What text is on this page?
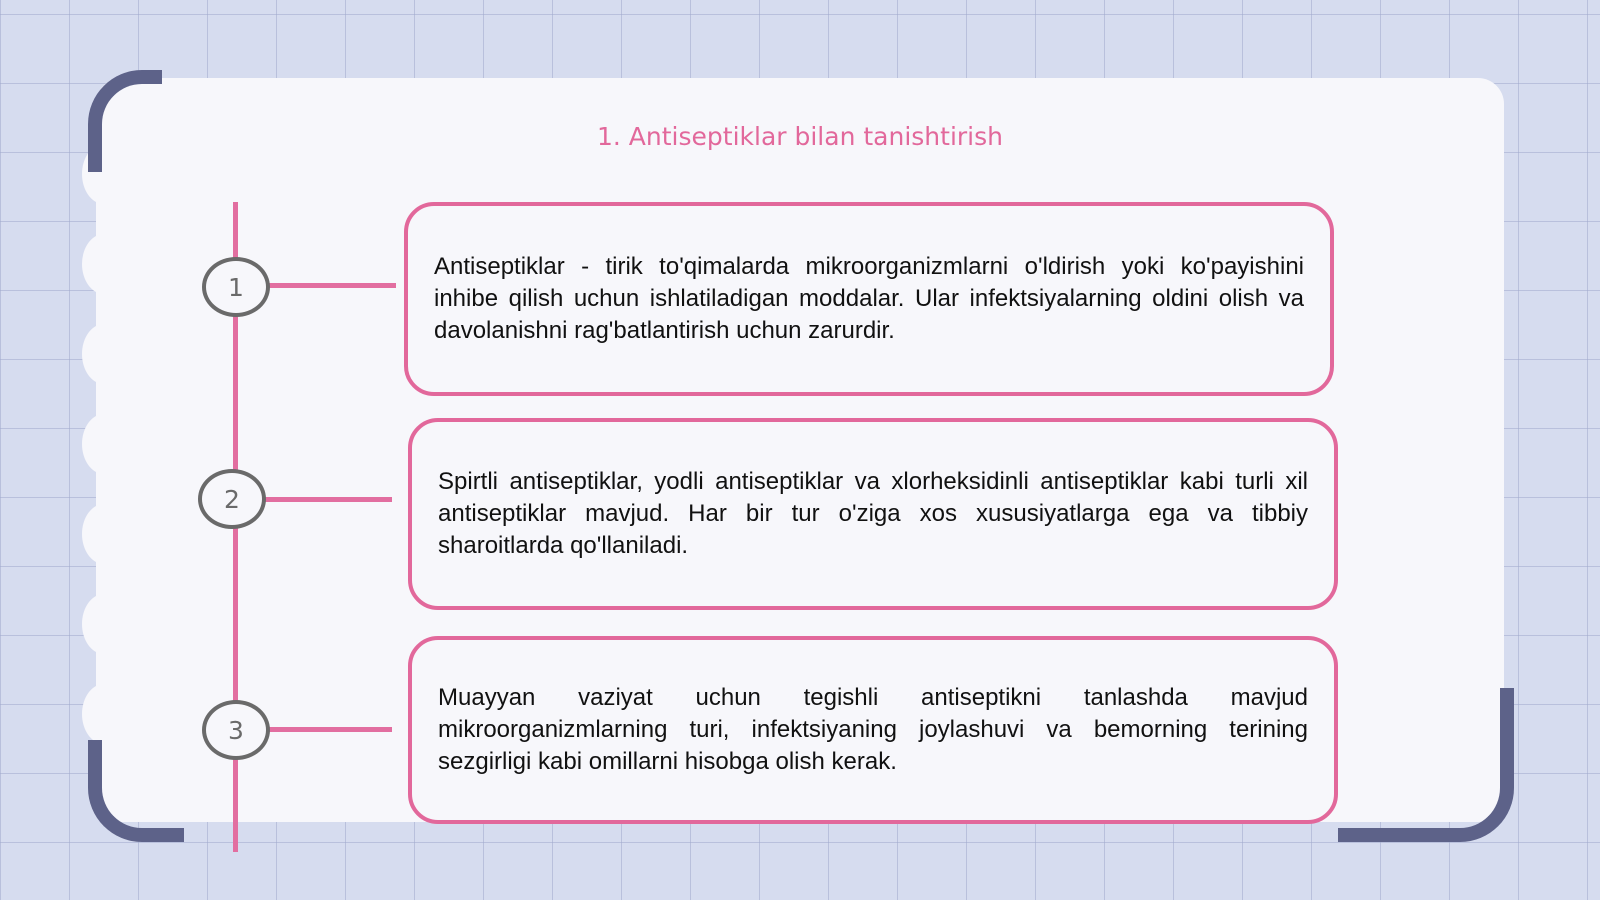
1. Antiseptiklar bilan tanishtirish
1
2
3

Antiseptiklar - tirik to'qimalarda mikroorganizmlarni o'ldirish yoki ko'payishini inhibe qilish uchun ishlatiladigan moddalar. Ular infektsiyalarning oldini olish va davolanishni rag'batlantirish uchun zarurdir.

Spirtli antiseptiklar, yodli antiseptiklar va xlorheksidinli antiseptiklar kabi turli xil antiseptiklar mavjud. Har bir tur o'ziga xos xususiyatlarga ega va tibbiy sharoitlarda qo'llaniladi.

Muayyan vaziyat uchun tegishli antiseptikni tanlashda mavjud mikroorganizmlarning turi, infektsiyaning joylashuvi va bemorning terining sezgirligi kabi omillarni hisobga olish kerak.
